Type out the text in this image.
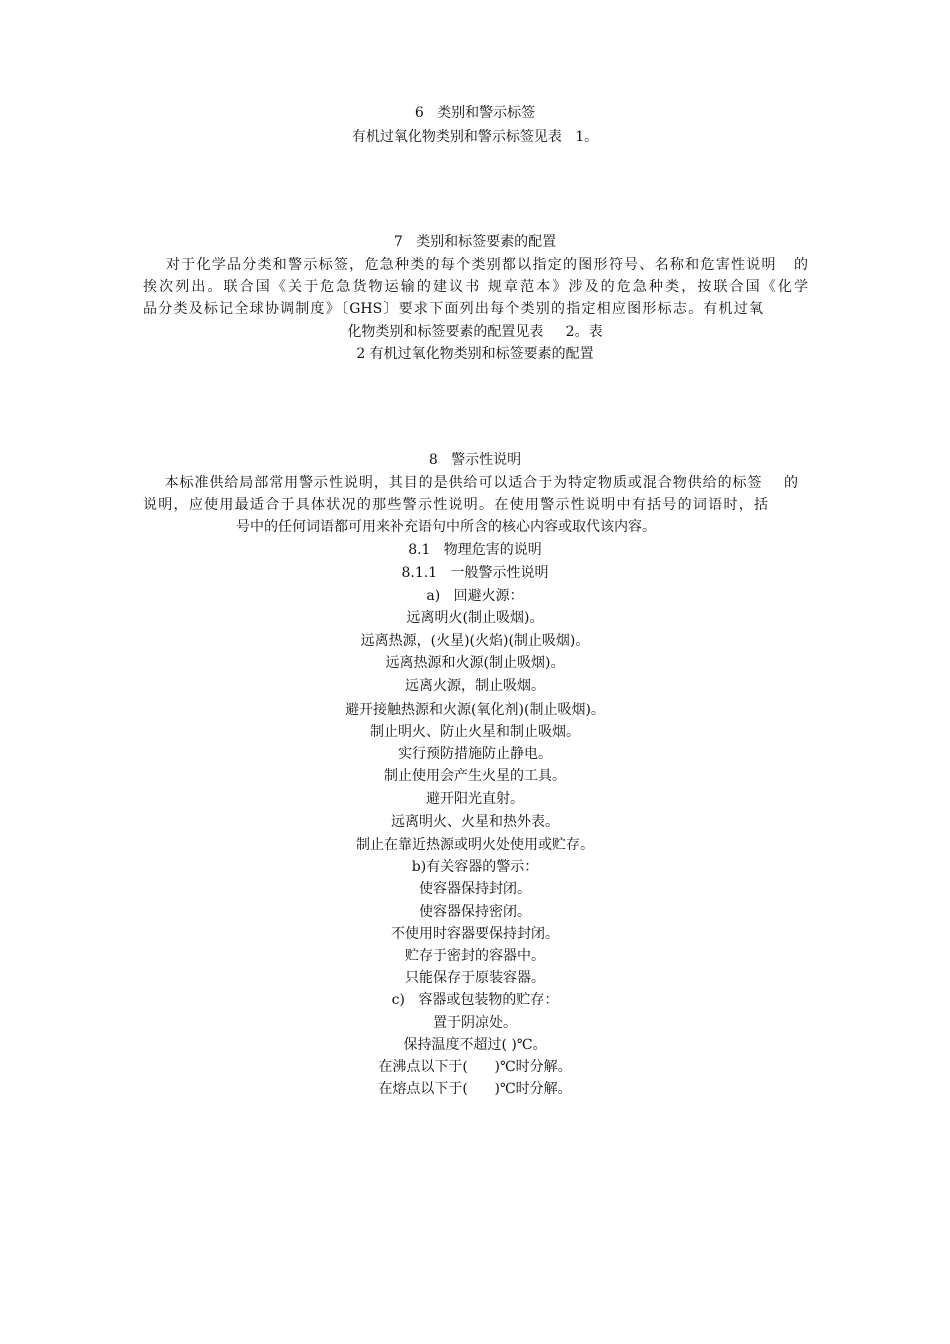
6   类别和警示标签
有机过氧化物类别和警示标签见表   1。
7   类别和标签要素的配置
对于化学品分类和警示标签，危急种类的每个类别都以指定的图形符号、名称和危害性说明   的
挨次列出。联合国《关于危急货物运输的建议书 规章范本》涉及的危急种类，按联合国《化学
品分类及标记全球协调制度》〔GHS〕要求下面列出每个类别的指定相应图形标志。有机过氧
化物类别和标签要素的配置见表     2。表
2 有机过氧化物类别和标签要素的配置
8   警示性说明
本标准供给局部常用警示性说明，其目的是供给可以适合于为特定物质或混合物供给的标签    的
说明，应使用最适合于具体状况的那些警示性说明。在使用警示性说明中有括号的词语时，括
号中的任何词语都可用来补充语句中所含的核心内容或取代该内容。
8.1   物理危害的说明
8.1.1   一般警示性说明
a)   回避火源：
远离明火(制止吸烟)。
远离热源，(火星)(火焰)(制止吸烟)。
远离热源和火源(制止吸烟)。
远离火源，制止吸烟。
避开接触热源和火源(氧化剂)(制止吸烟)。
制止明火、防止火星和制止吸烟。
实行预防措施防止静电。
制止使用会产生火星的工具。
避开阳光直射。
远离明火、火星和热外表。
制止在靠近热源或明火处使用或贮存。
b)有关容器的警示：
使容器保持封闭。
使容器保持密闭。
不使用时容器要保持封闭。
贮存于密封的容器中。
只能保存于原装容器。
c)   容器或包装物的贮存：
置于阴凉处。
保持温度不超过( )℃。
在沸点以下于(      )℃时分解。
在熔点以下于(      )℃时分解。
